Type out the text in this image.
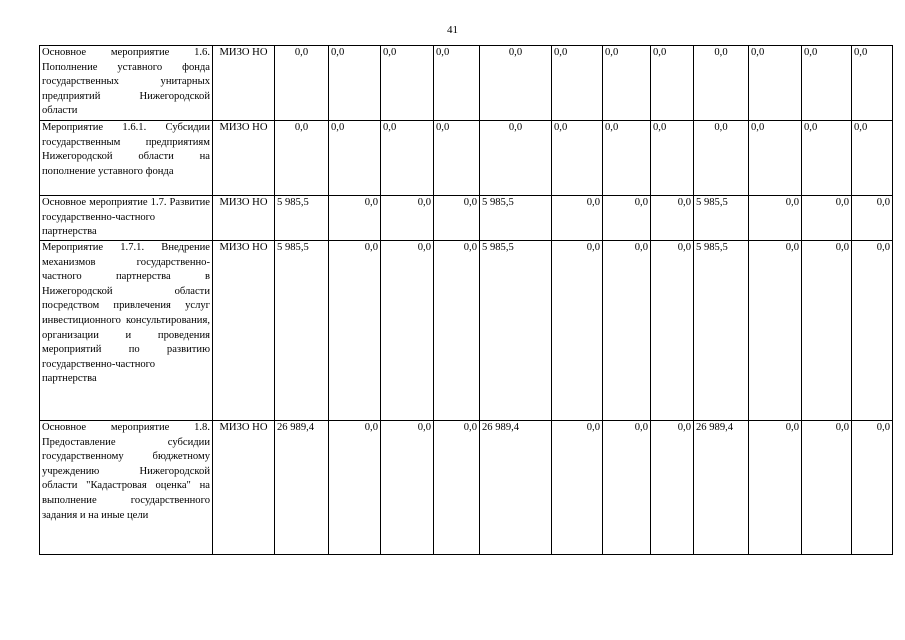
41
Основное мероприятие 1.6. Пополнение уставного фонда государственных унитарных предприятий Нижегородской области	МИЗО НО	0,0	0,0	0,0	0,0	0,0	0,0	0,0	0,0	0,0	0,0	0,0	0,0
Мероприятие 1.6.1. Субсидии государственным предприятиям Нижегородской области на пополнение уставного фонда	МИЗО НО	0,0	0,0	0,0	0,0	0,0	0,0	0,0	0,0	0,0	0,0	0,0	0,0
Основное мероприятие 1.7. Развитие государственно-частного партнерства	МИЗО НО	5 985,5	0,0	0,0	0,0	5 985,5	0,0	0,0	0,0	5 985,5	0,0	0,0	0,0
Мероприятие 1.7.1. Внедрение механизмов государственно-частного партнерства в Нижегородской области посредством привлечения услуг инвестиционного консультирования, организации и проведения мероприятий по развитию государственно-частного партнерства	МИЗО НО	5 985,5	0,0	0,0	0,0	5 985,5	0,0	0,0	0,0	5 985,5	0,0	0,0	0,0
Основное мероприятие 1.8. Предоставление субсидии государственному бюджетному учреждению Нижегородской области "Кадастровая оценка" на выполнение государственного задания и на иные цели	МИЗО НО	26 989,4	0,0	0,0	0,0	26 989,4	0,0	0,0	0,0	26 989,4	0,0	0,0	0,0
